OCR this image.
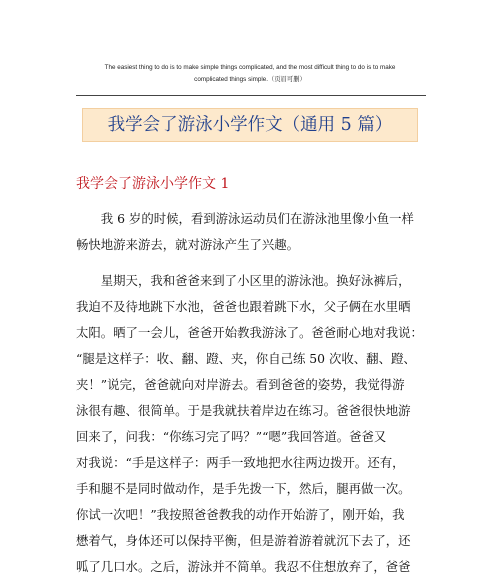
The easiest thing to do is to make simple things complicated, and the most difficult thing to do is to make
complicated things simple.（页眉可删）
我学会了游泳小学作文（通用 5 篇）
我学会了游泳小学作文 1
　　我 6 岁的时候，看到游泳运动员们在游泳池里像小鱼一样
畅快地游来游去，就对游泳产生了兴趣。
　　星期天，我和爸爸来到了小区里的游泳池。换好泳裤后，
我迫不及待地跳下水池，爸爸也跟着跳下水，父子俩在水里晒
太阳。晒了一会儿，爸爸开始教我游泳了。爸爸耐心地对我说：
“腿是这样子：收、翻、蹬、夹，你自己练 50 次收、翻、蹬、
夹！”说完，爸爸就向对岸游去。看到爸爸的姿势，我觉得游
泳很有趣、很简单。于是我就扶着岸边在练习。爸爸很快地游
回来了，问我：“你练习完了吗？”“嗯”我回答道。爸爸又
对我说：“手是这样子：两手一致地把水往两边拨开。还有，
手和腿不是同时做动作，是手先拨一下，然后，腿再做一次。
你试一次吧！”我按照爸爸教我的动作开始游了，刚开始，我
懋着气，身体还可以保持平衡，但是游着游着就沉下去了，还
呱了几口水。之后，游泳并不简单。我忍不住想放弃了，爸爸
